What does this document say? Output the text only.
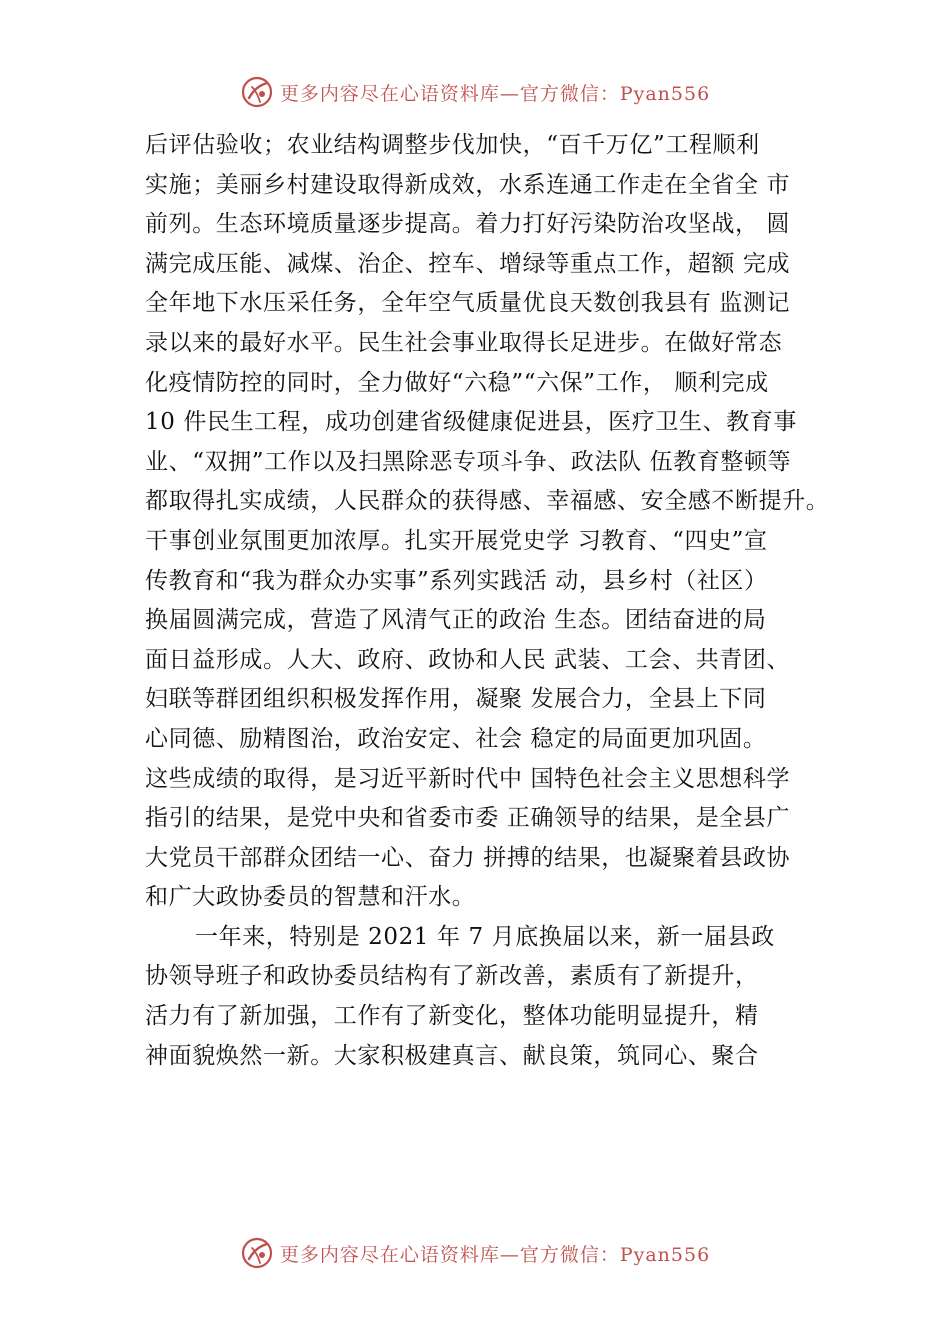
更多内容尽在心语资料库—官方微信：Pyan556
后评估验收；农业结构调整步伐加快，“百千万亿”工程顺利
实施；美丽乡村建设取得新成效，水系连通工作走在全省全 市
前列。生态环境质量逐步提高。着力打好污染防治攻坚战， 圆
满完成压能、减煤、治企、控车、增绿等重点工作，超额 完成
全年地下水压采任务，全年空气质量优良天数创我县有 监测记
录以来的最好水平。民生社会事业取得长足进步。在做好常态
化疫情防控的同时，全力做好“六稳”“六保”工作， 顺利完成
10 件民生工程，成功创建省级健康促进县，医疗卫生、教育事
业、“双拥”工作以及扫黑除恶专项斗争、政法队 伍教育整顿等
都取得扎实成绩，人民群众的获得感、幸福感、安全感不断提升。
干事创业氛围更加浓厚。扎实开展党史学 习教育、“四史”宣
传教育和“我为群众办实事”系列实践活 动，县乡村（社区）
换届圆满完成，营造了风清气正的政治 生态。团结奋进的局
面日益形成。人大、政府、政协和人民 武装、工会、共青团、
妇联等群团组织积极发挥作用，凝聚 发展合力，全县上下同
心同德、励精图治，政治安定、社会 稳定的局面更加巩固。
这些成绩的取得，是习近平新时代中 国特色社会主义思想科学
指引的结果，是党中央和省委市委 正确领导的结果，是全县广
大党员干部群众团结一心、奋力 拼搏的结果，也凝聚着县政协
和广大政协委员的智慧和汗水。
一年来，特别是 2021 年 7 月底换届以来，新一届县政
协领导班子和政协委员结构有了新改善，素质有了新提升，
活力有了新加强，工作有了新变化，整体功能明显提升，精
神面貌焕然一新。大家积极建真言、献良策，筑同心、聚合
更多内容尽在心语资料库—官方微信：Pyan556
